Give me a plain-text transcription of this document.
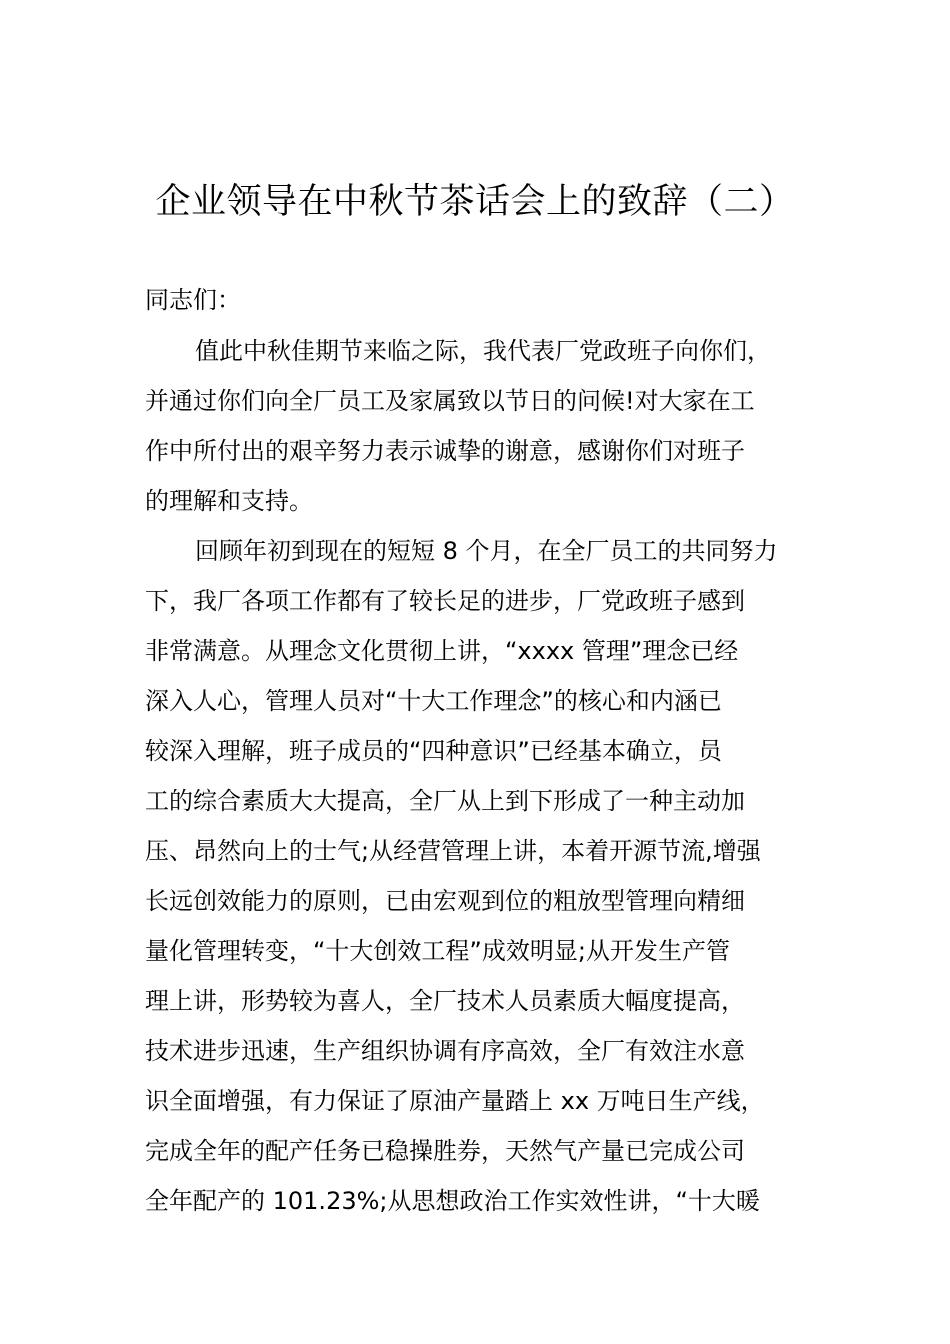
企业领导在中秋节茶话会上的致辞（二）

同志们：

值此中秋佳期节来临之际，我代表厂党政班子向你们，
并通过你们向全厂员工及家属致以节日的问候!对大家在工
作中所付出的艰辛努力表示诚挚的谢意，感谢你们对班子
的理解和支持。
回顾年初到现在的短短 8 个月，在全厂员工的共同努力
下，我厂各项工作都有了较长足的进步，厂党政班子感到
非常满意。从理念文化贯彻上讲，“xxxx 管理”理念已经
深入人心，管理人员对“十大工作理念”的核心和内涵已
较深入理解，班子成员的“四种意识”已经基本确立，员
工的综合素质大大提高，全厂从上到下形成了一种主动加
压、昂然向上的士气;从经营管理上讲，本着开源节流,增强
长远创效能力的原则，已由宏观到位的粗放型管理向精细
量化管理转变，“十大创效工程”成效明显;从开发生产管
理上讲，形势较为喜人，全厂技术人员素质大幅度提高，
技术进步迅速，生产组织协调有序高效，全厂有效注水意
识全面增强，有力保证了原油产量踏上 xx 万吨日生产线，
完成全年的配产任务已稳操胜券，天然气产量已完成公司
全年配产的 101.23%;从思想政治工作实效性讲，“十大暖
